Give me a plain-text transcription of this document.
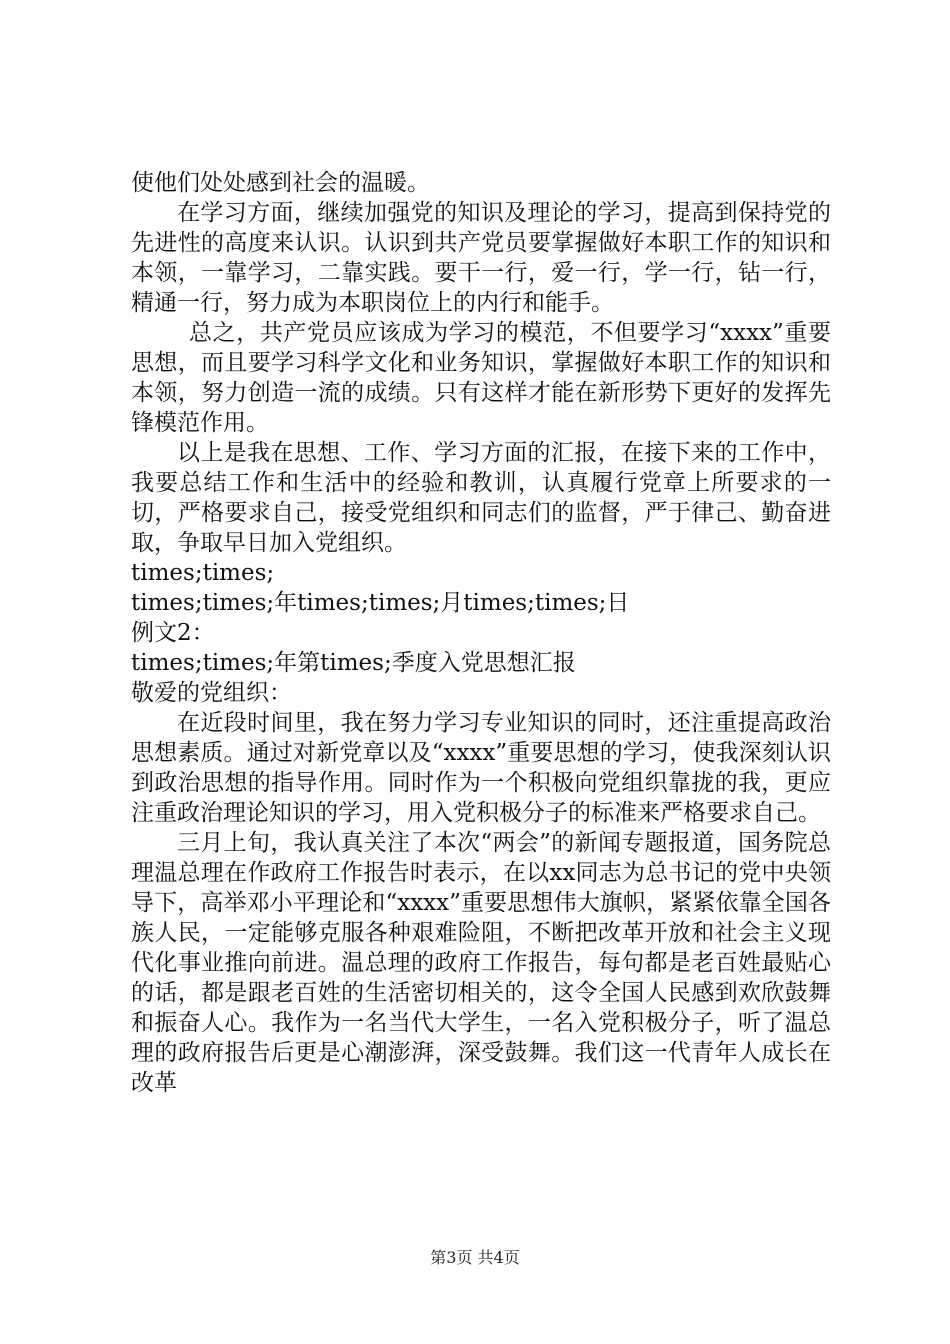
使他们处处感到社会的温暖。

在学习方面，继续加强党的知识及理论的学习，提高到保持党的先进性的高度来认识。认识到共产党员要掌握做好本职工作的知识和本领，一靠学习，二靠实践。要干一行，爱一行，学一行，钻一行，精通一行，努力成为本职岗位上的内行和能手。

总之，共产党员应该成为学习的模范，不但要学习“xxxx”重要思想，而且要学习科学文化和业务知识，掌握做好本职工作的知识和本领，努力创造一流的成绩。只有这样才能在新形势下更好的发挥先锋模范作用。

以上是我在思想、工作、学习方面的汇报，在接下来的工作中，我要总结工作和生活中的经验和教训，认真履行党章上所要求的一切，严格要求自己，接受党组织和同志们的监督，严于律己、勤奋进取，争取早日加入党组织。

times;times;

times;times;年times;times;月times;times;日

例文2：

times;times;年第times;季度入党思想汇报

敬爱的党组织：

在近段时间里，我在努力学习专业知识的同时，还注重提高政治思想素质。通过对新党章以及“xxxx”重要思想的学习，使我深刻认识到政治思想的指导作用。同时作为一个积极向党组织靠拢的我，更应注重政治理论知识的学习，用入党积极分子的标准来严格要求自己。

三月上旬，我认真关注了本次“两会”的新闻专题报道，国务院总理温总理在作政府工作报告时表示，在以xx同志为总书记的党中央领导下，高举邓小平理论和“xxxx”重要思想伟大旗帜，紧紧依靠全国各族人民，一定能够克服各种艰难险阻，不断把改革开放和社会主义现代化事业推向前进。温总理的政府工作报告，每句都是老百姓最贴心的话，都是跟老百姓的生活密切相关的，这令全国人民感到欢欣鼓舞和振奋人心。我作为一名当代大学生，一名入党积极分子，听了温总理的政府报告后更是心潮澎湃，深受鼓舞。我们这一代青年人成长在改革

第3页 共4页
